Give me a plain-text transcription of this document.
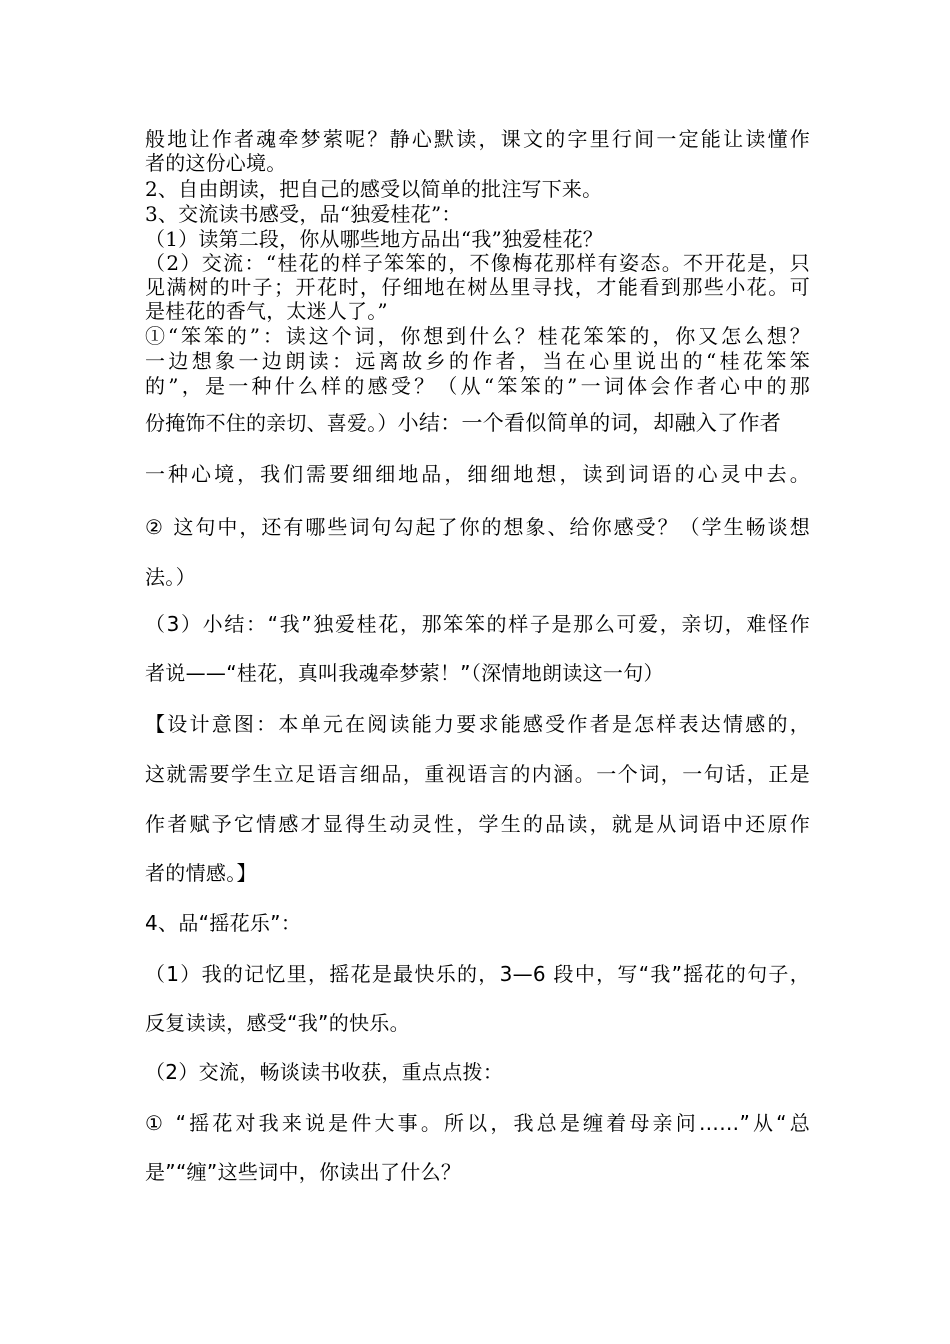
般地让作者魂牵梦萦呢？静心默读，课文的字里行间一定能让读懂作
者的这份心境。
2、自由朗读，把自己的感受以简单的批注写下来。
3、交流读书感受，品“独爱桂花”：
（1）读第二段，你从哪些地方品出“我”独爱桂花？
（2）交流：“桂花的样子笨笨的，不像梅花那样有姿态。不开花是，只
见满树的叶子；开花时，仔细地在树丛里寻找，才能看到那些小花。可
是桂花的香气，太迷人了。”
①“笨笨的”：读这个词，你想到什么？桂花笨笨的，你又怎么想？
一边想象一边朗读：远离故乡的作者，当在心里说出的“桂花笨笨
的”，是一种什么样的感受？（从“笨笨的”一词体会作者心中的那
份掩饰不住的亲切、喜爱。）小结：一个看似简单的词，却融入了作者
一种心境，我们需要细细地品，细细地想，读到词语的心灵中去。
② 这句中，还有哪些词句勾起了你的想象、给你感受？（学生畅谈想
法。）
（3）小结：“我”独爱桂花，那笨笨的样子是那么可爱，亲切，难怪作
者说——“桂花，真叫我魂牵梦萦！”（深情地朗读这一句）
【设计意图：本单元在阅读能力要求能感受作者是怎样表达情感的，
这就需要学生立足语言细品，重视语言的内涵。一个词，一句话，正是
作者赋予它情感才显得生动灵性，学生的品读，就是从词语中还原作
者的情感。】
4、品“摇花乐”：
（1）我的记忆里，摇花是最快乐的，3—6 段中，写“我”摇花的句子，
反复读读，感受“我”的快乐。
（2）交流，畅谈读书收获，重点点拨：
① “摇花对我来说是件大事。所以，我总是缠着母亲问……”从“总
是”“缠”这些词中，你读出了什么？
